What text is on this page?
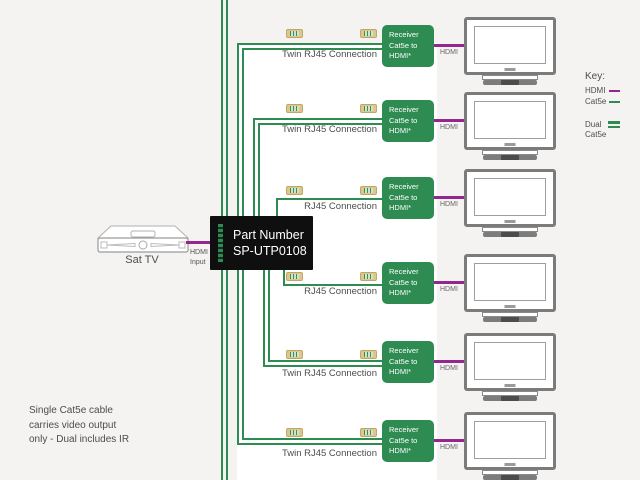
Sat TV
HDMI
Input
Part Number
SP-UTP0108
Twin RJ45 Connection
Receiver
Cat5e to
HDMI*	HDMI
Twin RJ45 Connection
Receiver
Cat5e to
HDMI*	HDMI
RJ45 Connection
Receiver
Cat5e to
HDMI*	HDMI
RJ45 Connection
Receiver
Cat5e to
HDMI*	HDMI
Twin RJ45 Connection
Receiver
Cat5e to
HDMI*	HDMI
Twin RJ45 Connection
Receiver
Cat5e to
HDMI*	HDMI
Key:
HDMI
Cat5e
Dual
Cat5e
Single Cat5e cable
carries video output
only - Dual includes IR
